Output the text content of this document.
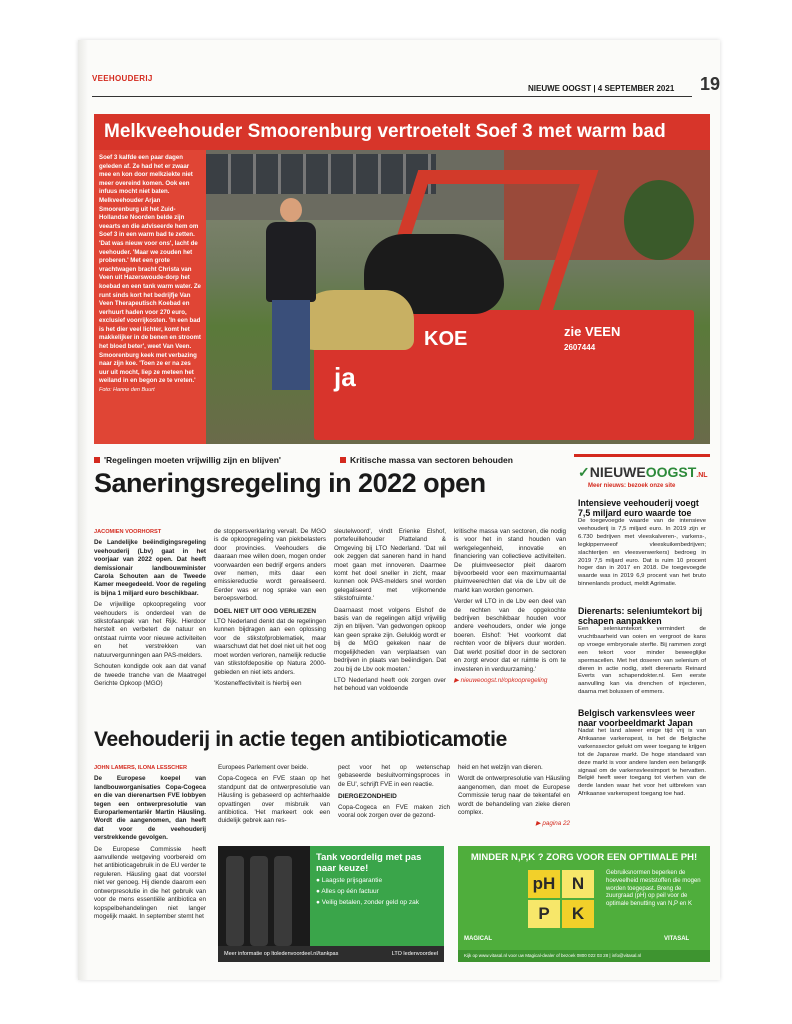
VEEHOUDERIJ
NIEUWE OOGST | 4 SEPTEMBER 2021 19
Melkveehouder Smoorenburg vertroetelt Soef 3 met warm bad
ja
KOE	zie VEEN
2607444
Soef 3 kalfde een paar dagen geleden af. Ze had het er zwaar mee en kon door melkziekte niet meer overeind komen. Ook een infuus mocht niet baten. Melkveehouder Arjan Smoorenburg uit het Zuid-Hollandse Noorden belde zijn veearts en die adviseerde hem om Soef 3 in een warm bad te zetten. 'Dat was nieuw voor ons', lacht de veehouder. 'Maar we zouden het proberen.' Met een grote vrachtwagen bracht Christa van Veen uit Hazerswoude-dorp het koebad en een tank warm water. Ze runt sinds kort het bedrijfje Van Veen Therapeutisch Koebad en verhuurt haden voor 270 euro, exclusief voorrijkosten. 'In een bad is het dier veel lichter, komt het makkelijker in de benen en stroomt het bloed beter', weet Van Veen. Smoorenburg keek met verbazing naar zijn koe. 'Toen ze er na zes uur uit mocht, liep ze meteen het weiland in en begon ze te vreten.' Foto: Hanne den Buurt
'Regelingen moeten vrijwillig zijn en blijven'	Kritische massa van sectoren behouden
Saneringsregeling in 2022 open

JACOMIEN VOORHORST

De Landelijke beëindigingsregeling veehouderij (Lbv) gaat in het voorjaar van 2022 open. Dat heeft demissionair landbouwminister Carola Schouten aan de Tweede Kamer meegedeeld. Voor de regeling is bijna 1 miljard euro beschikbaar.

De vrijwillige opkoopregeling voor veehouders is onderdeel van de stikstofaanpak van het Rijk. Hierdoor herstelt en verbetert de natuur en ontstaat ruimte voor nieuwe activiteiten en het verstrekken van natuurvergunningen aan PAS-melders.

Schouten kondigde ook aan dat vanaf de tweede tranche van de Maatregel Gerichte Opkoop (MGO)

de stoppersverklaring vervalt. De MGO is de opkoopregeling van piekbelasters door provincies. Veehouders die daaraan mee willen doen, mogen onder voorwaarden een bedrijf ergens anders over nemen, mits daar een emissiereductie wordt gerealiseerd. Eerder was er nog sprake van een beroepsverbod.

DOEL NIET UIT OOG VERLIEZEN

LTO Nederland denkt dat de regelingen kunnen bijdragen aan een oplossing voor de stikstofproblematiek, maar waarschuwt dat het doel niet uit het oog moet worden verloren, namelijk reductie van stikstofdepositie op Natura 2000-gebieden en niet iets anders.

'Kosteneffectiviteit is hierbij een

sleutelwoord', vindt Erienke Elshof, portefeuillehouder Platteland & Omgeving bij LTO Nederland. 'Dat wil ook zeggen dat saneren hand in hand moet gaan met innoveren. Daarmee komt het doel sneller in zicht, maar kunnen ook PAS-melders snel worden gelegaliseerd met vrijkomende stikstofruimte.'

Daarnaast moet volgens Elshof de basis van de regelingen altijd vrijwillig zijn en blijven. 'Van gedwongen opkoop kan geen sprake zijn. Gelukkig wordt er bij de MGO gekeken naar de mogelijkheden van verplaatsen van bedrijven in plaats van beëindigen. Dat zou bij de Lbv ook moeten.'

LTO Nederland heeft ook zorgen over het behoud van voldoende

kritische massa van sectoren, die nodig is voor het in stand houden van werkgelegenheid, innovatie en financiering van collectieve activiteiten. De pluimveesector pleit daarom bijvoorbeeld voor een maximumaantal pluimveerechten dat via de Lbv uit de markt kan worden genomen.

Verder wil LTO in de Lbv een deel van de rechten van de opgekochte bedrijven beschikbaar houden voor andere veehouders, onder wie jonge boeren. Elshof: 'Het voorkomt dat rechten voor de blijvers duur worden. Dat werkt positief door in de sectoren en zorgt ervoor dat er ruimte is om te investeren in verduurzaming.'

▶ nieuweoogst.nl/opkoopregeling

✓NIEUWEOOGST.NL
Meer nieuws: bezoek onze site
Intensieve veehouderij voegt 7,5 miljard euro waarde toe
De toegevoegde waarde van de intensieve veehouderij is 7,5 miljard euro. In 2019 zijn er 6.730 bedrijven met vleeskalveren-, varkens-, legkippenveeof vleeskuikenbedrijven; slachterijen en vleesverwerkers) bedroeg in 2019 7,5 miljard euro. Dat is ruim 10 procent hoger dan in 2017 en 2018. De toegevoegde waarde was in 2019 6,9 procent van het bruto binnenlands product, meldt Agrimatie.
Dierenarts: seleniumtekort bij schapen aanpakken
Een seleniumtekort vermindert de vruchtbaarheid van ooien en vergroot de kans op vroege embryonale sterfte. Bij rammen zorgt een tekort voor minder beweeglijke spermacellen. Met het doseren van selenium of dieren in actie nodig, stelt dierenarts Reinard Everts van schapendokter.nl. Een eerste aanvulling kan via drenchen of injecteren, daarna met bolussen of emmers.
Belgisch varkensvlees weer naar voorbeeldmarkt Japan
Nadat het land alweer enige tijd vrij is van Afrikaanse varkenspest, is het de Belgische varkenssector gelukt om weer toegang te krijgen tot de Japanse markt. De hoge standaard van deze markt is voor andere landen een belangrijk signaal om de varkensvleesimport te hervatten. België heeft weer toegang tot vierhen van de derde landen waar het voor het uitbreken van Afrikaanse varkenspest toegang toe had.
Veehouderij in actie tegen antibioticamotie

JOHN LAMERS, ILONA LESSCHER

De Europese koepel van landbouworganisaties Copa-Cogeca en die van dierenartsen FVE lobbyen tegen een ontwerpresolutie van Europarlementariër Martin Häusling. Wordt die aangenomen, dan heeft dat voor de veehouderij verstrekkende gevolgen.

De Europese Commissie heeft aanvullende wetgeving voorbereid om het antibioticagebruik in de EU verder te reguleren. Häusling gaat dat voorstel niet ver genoeg. Hij diende daarom een ontwerpresolutie in die het gebruik van voor de mens essentiële antibiotica en kopspelbehandelingen niet langer mogelijk maakt. In september stemt het

Europees Parlement over beide.

Copa-Cogeca en FVE staan op het standpunt dat de ontwerpresolutie van Häusling is gebaseerd op achterhaalde opvattingen over misbruik van antibiotica. 'Het markeert ook een duidelijk gebrek aan res-

pect voor het op wetenschap gebaseerde besluitvormingsproces in de EU', schrijft FVE in een reactie.

DIERGEZONDHEID

Copa-Cogeca en FVE maken zich vooral ook zorgen over de gezond-

heid en het welzijn van dieren.

Wordt de ontwerpresolutie van Häusling aangenomen, dan moet de Europese Commissie terug naar de tekentafel en wordt de behandeling van zieke dieren complex.

▶ pagina 22

Tank voordelig met pas naar keuze!
● Laagste prijsgarantie
● Alles op één factuur
● Veilig betalen, zonder geld op zak
Meer informatie op ltoledenvoordeel.nl/tankpas	LTO ledenvoordeel
MINDER N,P,K ? ZORG VOOR EEN OPTIMALE PH!
pH N
P	K
Gebruiksnormen beperken de hoeveelheid meststoffen die mogen worden toegepast. Breng de zuurgraad (pH) op peil voor de optimale benutting van N,P en K
MAGICAL	VITASAL
Kijk op www.vitasal.nl voor uw Magical-dealer of bezoek 0800 022 03 28 | info@vitasal.nl
